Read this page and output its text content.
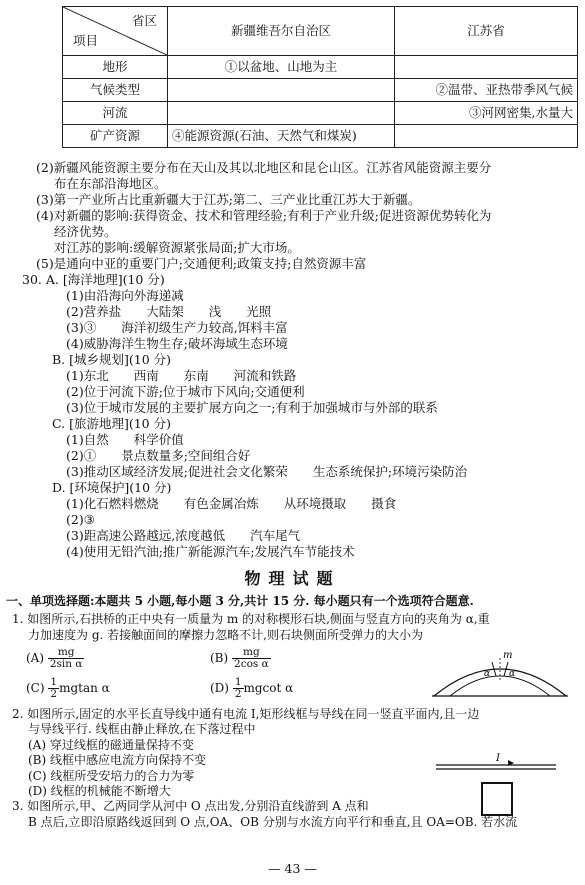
省区
项目	新疆维吾尔自治区	江苏省
地形	①以盆地、山地为主	
气候类型		②温带、亚热带季风气候
河流		③河网密集,水量大
矿产资源	④能源资源(石油、天然气和煤炭)	
(2)新疆风能资源主要分布在天山及其以北地区和昆仑山区。江苏省风能资源主要分
布在东部沿海地区。
(3)第一产业所占比重新疆大于江苏;第二、三产业比重江苏大于新疆。
(4)对新疆的影响:获得资金、技术和管理经验;有利于产业升级;促进资源优势转化为
经济优势。
对江苏的影响:缓解资源紧张局面;扩大市场。
(5)是通向中亚的重要门户;交通便利;政策支持;自然资源丰富
30. A. [海洋地理](10 分)
(1)由沿海向外海递减
(2)营养盐　　大陆架　　浅　　光照
(3)③　　海洋初级生产力较高,饵料丰富
(4)威胁海洋生物生存;破坏海域生态环境
B. [城乡规划](10 分)
(1)东北　　西南　　东南　　河流和铁路
(2)位于河流下游;位于城市下风向;交通便利
(3)位于城市发展的主要扩展方向之一;有利于加强城市与外部的联系
C. [旅游地理](10 分)
(1)自然　　科学价值
(2)①　　景点数量多;空间组合好
(3)推动区域经济发展;促进社会文化繁荣　　生态系统保护;环境污染防治
D. [环境保护](10 分)
(1)化石燃料燃烧　　有色金属冶炼　　从环境摄取　　摄食
(2)③
(3)距高速公路越远,浓度越低　　汽车尾气
(4)使用无铅汽油;推广新能源汽车;发展汽车节能技术
物理试题
一、单项选择题:本题共 5 小题,每小题 3 分,共计 15 分. 每小题只有一个选项符合题意.
1. 如图所示,石拱桥的正中央有一质量为 m 的对称楔形石块,侧面与竖直方向的夹角为 α,重
力加速度为 g. 若接触面间的摩擦力忽略不计,则石块侧面所受弹力的大小为
$(A) \frac{mg}{\text{2sin α}}$	$(B) \frac{mg}{\text{2cos α}}$
$(C) \frac{1}{2}$ mgtan α	$(D) \frac{1}{2}$ mgcot α
2. 如图所示,固定的水平长直导线中通有电流 I,矩形线框与导线在同一竖直平面内,且一边
与导线平行. 线框由静止释放,在下落过程中
(A) 穿过线框的磁通量保持不变
(B) 线框中感应电流方向保持不变
(C) 线框所受安培力的合力为零
(D) 线框的机械能不断增大
3. 如图所示,甲、乙两同学从河中 O 点出发,分别沿直线游到 A 点和
B 点后,立即沿原路线返回到 O 点,OA、OB 分别与水流方向平行和垂直,且 OA=OB. 若水流
m
α α
I
— 43 —
